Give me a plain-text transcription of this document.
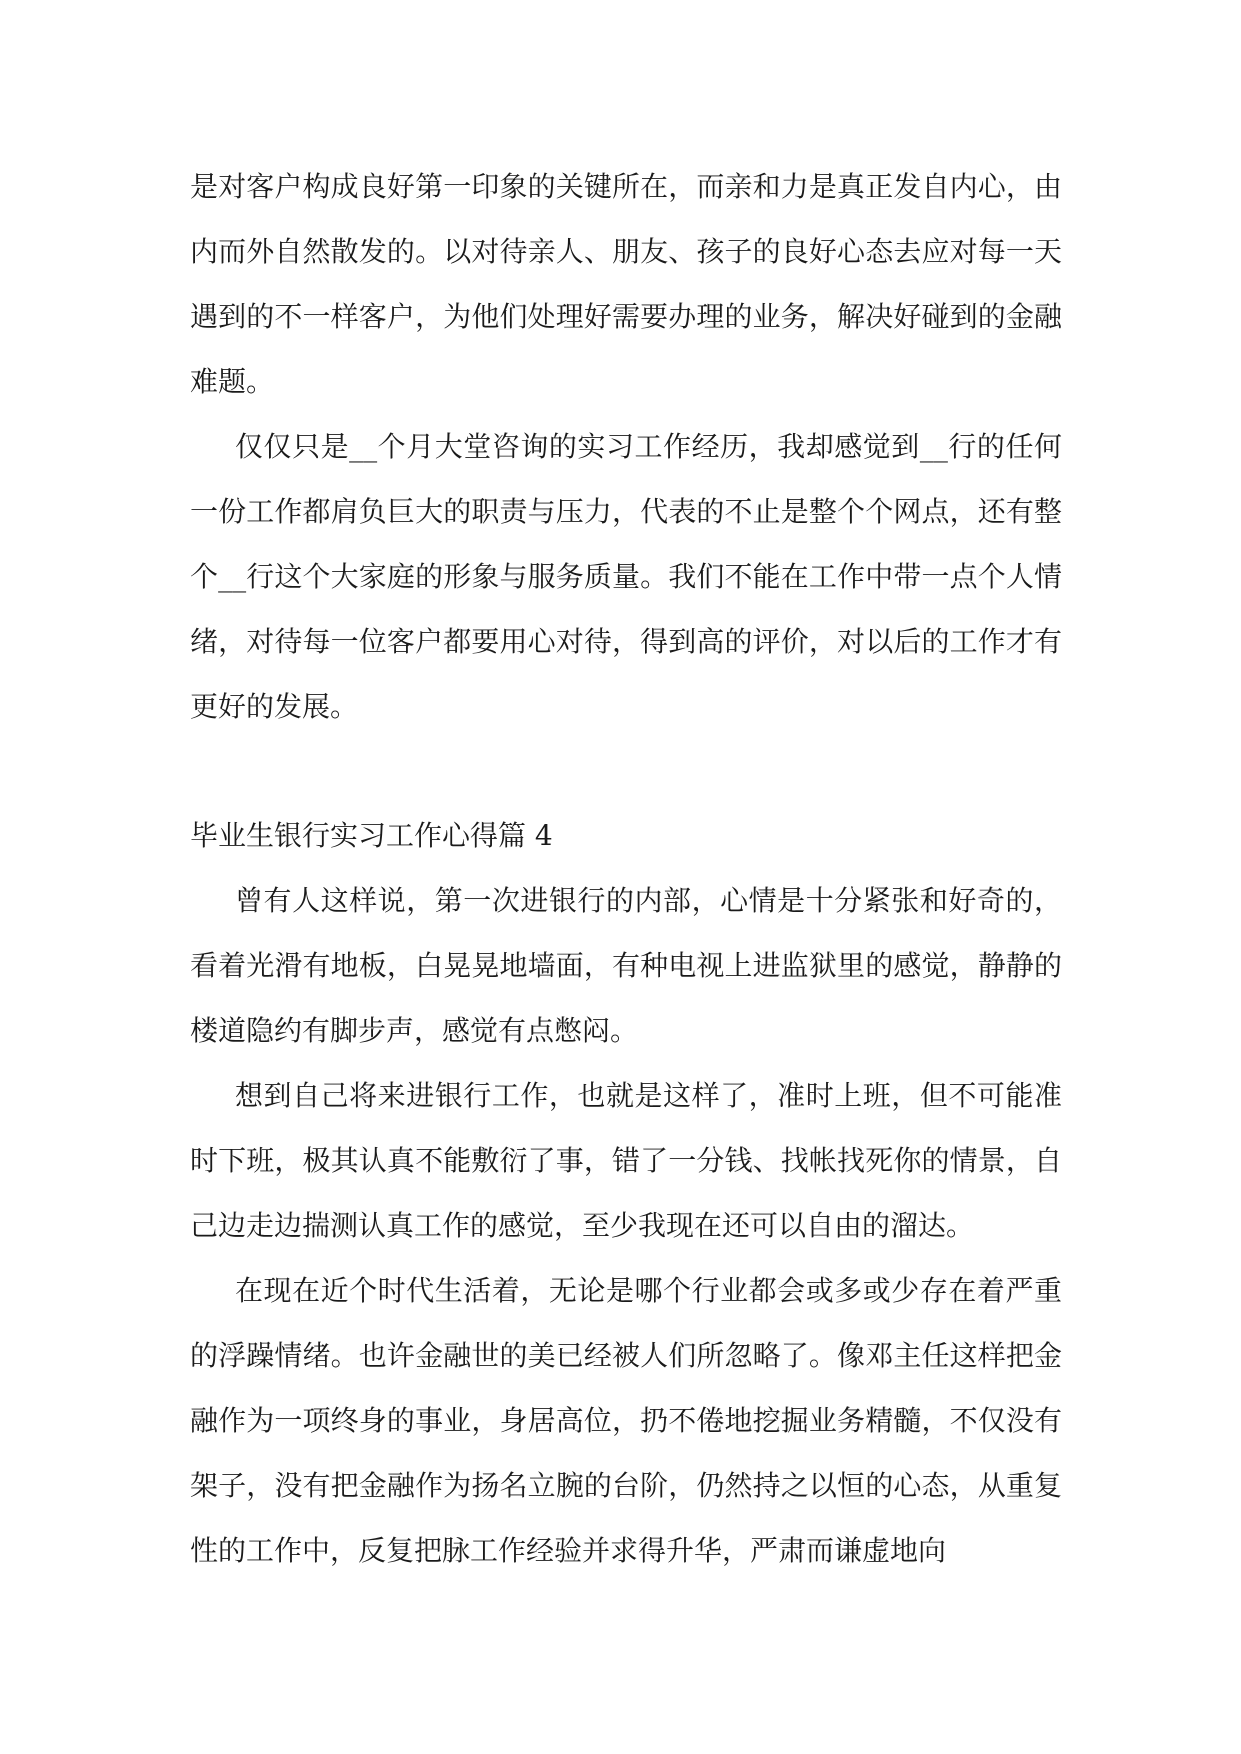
是对客户构成良好第一印象的关键所在，而亲和力是真正发自内心，由内而外自然散发的。以对待亲人、朋友、孩子的良好心态去应对每一天遇到的不一样客户，为他们处理好需要办理的业务，解决好碰到的金融难题。

仅仅只是__个月大堂咨询的实习工作经历，我却感觉到__行的任何一份工作都肩负巨大的职责与压力，代表的不止是整个个网点，还有整个__行这个大家庭的形象与服务质量。我们不能在工作中带一点个人情绪，对待每一位客户都要用心对待，得到高的评价，对以后的工作才有更好的发展。

毕业生银行实习工作心得篇 4

曾有人这样说，第一次进银行的内部，心情是十分紧张和好奇的，看着光滑有地板，白晃晃地墙面，有种电视上进监狱里的感觉，静静的楼道隐约有脚步声，感觉有点憋闷。

想到自己将来进银行工作，也就是这样了，准时上班，但不可能准时下班，极其认真不能敷衍了事，错了一分钱、找帐找死你的情景，自己边走边揣测认真工作的感觉，至少我现在还可以自由的溜达。

在现在近个时代生活着，无论是哪个行业都会或多或少存在着严重的浮躁情绪。也许金融世的美已经被人们所忽略了。像邓主任这样把金融作为一项终身的事业，身居高位，扔不倦地挖掘业务精髓，不仅没有架子，没有把金融作为扬名立腕的台阶，仍然持之以恒的心态，从重复性的工作中，反复把脉工作经验并求得升华，严肃而谦虚地向
